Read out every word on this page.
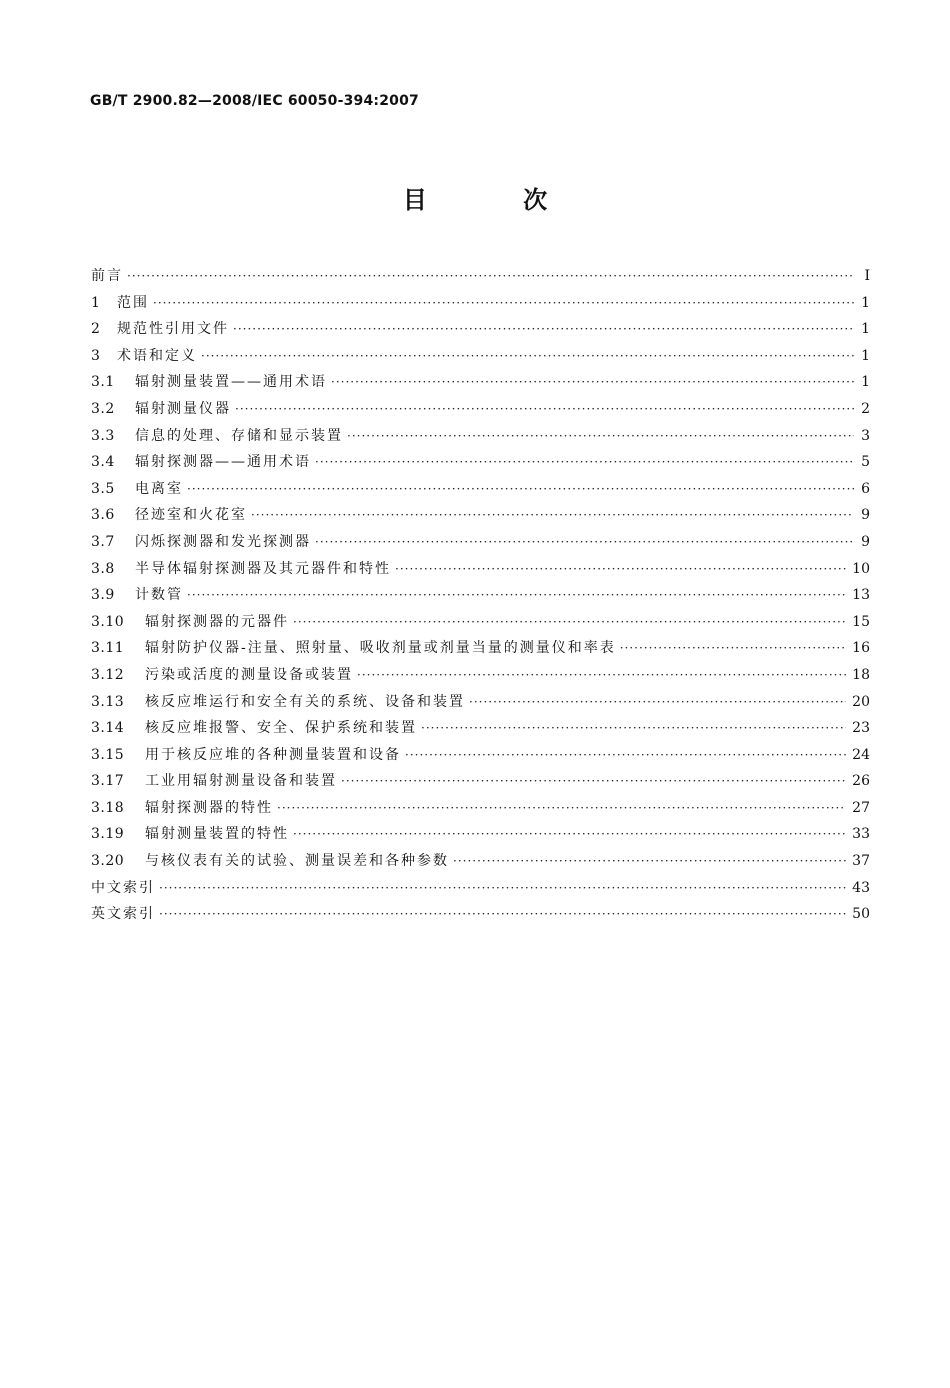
GB/T 2900.82—2008/IEC 60050-394:2007
目 次
前言 ·····	I
1	范围 ·····	1
2	规范性引用文件 ·····	1
3	术语和定义 ·····	1
3.1	辐射测量装置——通用术语 ·····	1
3.2	辐射测量仪器 ·····	2
3.3	信息的处理、存储和显示装置 ·····	3
3.4	辐射探测器——通用术语 ·····	5
3.5	电离室 ·····	6
3.6	径迹室和火花室 ·····	9
3.7	闪烁探测器和发光探测器 ·····	9
3.8	半导体辐射探测器及其元器件和特性 ·····	10
3.9	计数管 ·····	13
3.10	辐射探测器的元器件 ·····	15
3.11	辐射防护仪器-注量、照射量、吸收剂量或剂量当量的测量仪和率表 ·····	16
3.12	污染或活度的测量设备或装置 ·····	18
3.13	核反应堆运行和安全有关的系统、设备和装置 ·····	20
3.14	核反应堆报警、安全、保护系统和装置 ·····	23
3.15	用于核反应堆的各种测量装置和设备 ·····	24
3.17	工业用辐射测量设备和装置 ·····	26
3.18	辐射探测器的特性 ·····	27
3.19	辐射测量装置的特性 ·····	33
3.20	与核仪表有关的试验、测量误差和各种参数 ·····	37
中文索引 ·····	43
英文索引 ·····	50
